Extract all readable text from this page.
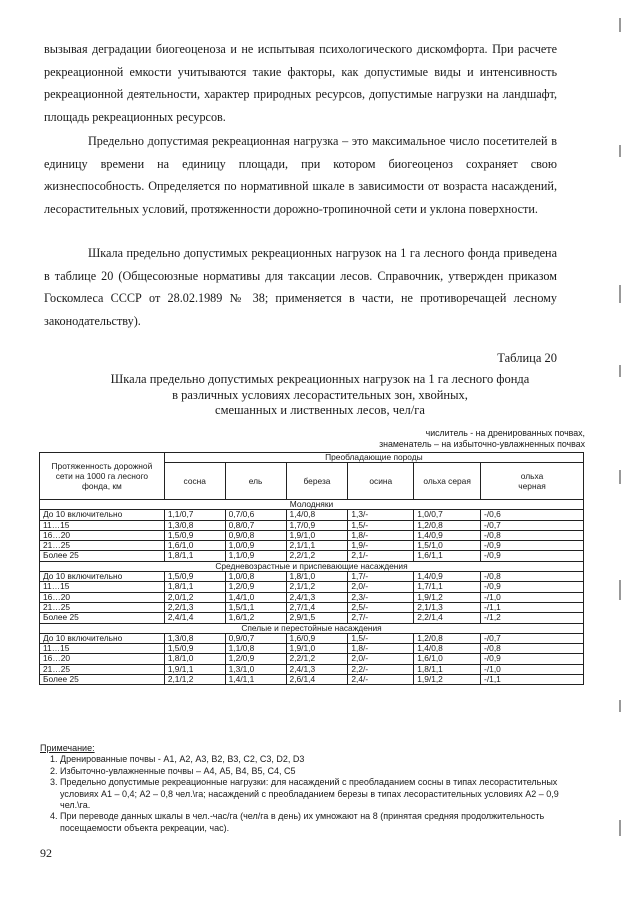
вызывая деградации биогеоценоза и не испытывая психологического дискомфорта. При расчете рекреационной емкости учитываются такие факторы, как допустимые виды и интенсивность рекреационной деятельности, характер природных ресурсов, допустимые нагрузки на ландшафт, площадь рекреационных ресурсов.

Предельно допустимая рекреационная нагрузка – это максимальное число посетителей в единицу времени на единицу площади, при котором биогеоценоз сохраняет свою жизнеспособность. Определяется по нормативной шкале в зависимости от возраста насаждений, лесорастительных условий, протяженности дорожно-тропиночной сети и уклона поверхности.

Шкала предельно допустимых рекреационных нагрузок на 1 га лесного фонда приведена в таблице 20 (Общесоюзные нормативы для таксации лесов. Справочник, утвержден приказом Госкомлеса СССР от 28.02.1989 № 38; применяется в части, не противоречащей лесному законодательству).

Таблица 20
Шкала предельно допустимых рекреационных нагрузок на 1 га лесного фонда
в различных условиях лесорастительных зон, хвойных,
смешанных и лиственных лесов, чел/га
числитель - на дренированных почвах,
знаменатель – на избыточно-увлажненных почвах
Протяженность дорожной сети на 1000 га лесного фонда, км	Преобладающие породы					
	сосна	ель	береза	осина	ольха серая	ольха черная
Молодняки						
До 10 включительно	1,1/0,7	0,7/0,6	1,4/0,8	1,3/-	1,0/0,7	-/0,6
11…15	1,3/0,8	0,8/0,7	1,7/0,9	1,5/-	1,2/0,8	-/0,7
16…20	1,5/0,9	0,9/0,8	1,9/1,0	1,8/-	1,4/0,9	-/0,8
21…25	1,6/1,0	1,0/0,9	2,1/1,1	1,9/-	1,5/1,0	-/0,9
Более 25	1,8/1,1	1,1/0,9	2,2/1,2	2,1/-	1,6/1,1	-/0,9
Средневозрастные и приспевающие насаждения						
До 10 включительно	1,5/0,9	1,0/0,8	1,8/1,0	1,7/-	1,4/0,9	-/0,8
11…15	1,8/1,1	1,2/0,9	2,1/1,2	2,0/-	1,7/1,1	-/0,9
16…20	2,0/1,2	1,4/1,0	2,4/1,3	2,3/-	1,9/1,2	-/1,0
21…25	2,2/1,3	1,5/1,1	2,7/1,4	2,5/-	2,1/1,3	-/1,1
Более 25	2,4/1,4	1,6/1,2	2,9/1,5	2,7/-	2,2/1,4	-/1,2
Спелые и перестойные насаждения						
До 10 включительно	1,3/0,8	0,9/0,7	1,6/0,9	1,5/-	1,2/0,8	-/0,7
11…15	1,5/0,9	1,1/0,8	1,9/1,0	1,8/-	1,4/0,8	-/0,8
16…20	1,8/1,0	1,2/0,9	2,2/1,2	2,0/-	1,6/1,0	-/0,9
21…25	1,9/1,1	1,3/1,0	2,4/1,3	2,2/-	1,8/1,1	-/1,0
Более 25	2,1/1,2	1,4/1,1	2,6/1,4	2,4/-	1,9/1,2	-/1,1
Примечание:
1. Дренированные почвы - А1, А2, А3, В2, В3, С2, С3, D2, D3
2. Избыточно-увлажненные почвы – А4, А5, В4, В5, С4, С5
3. Предельно допустимые рекреационные нагрузки: для насаждений с преобладанием сосны в типах лесорастительных условиях А1 – 0,4; А2 – 0,8 чел.\га; насаждений с преобладанием березы в типах лесорастительных условиях А2 – 0,9 чел.\га.
4. При переводе данных шкалы в чел.-час/га (чел/га в день) их умножают на 8 (принятая средняя продолжительность посещаемости объекта рекреации, час).
92
